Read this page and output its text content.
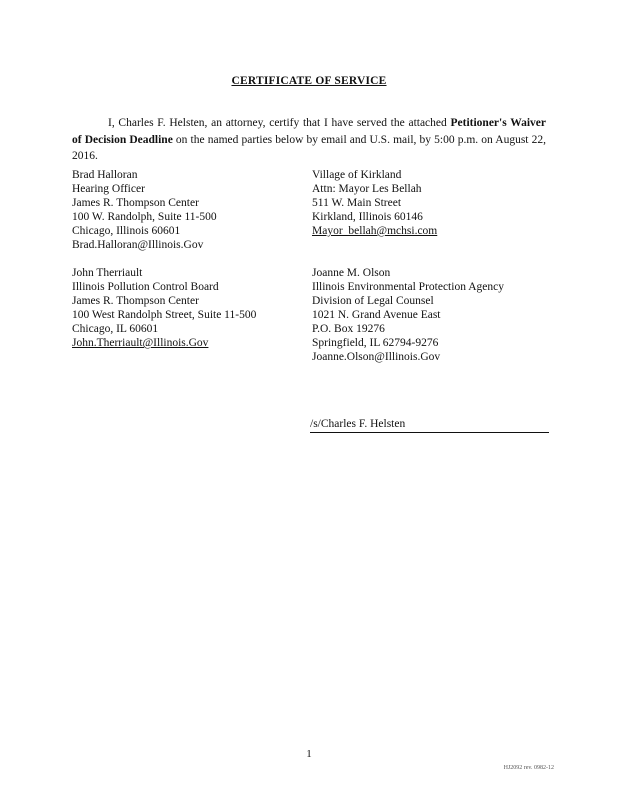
CERTIFICATE OF SERVICE
I, Charles F. Helsten, an attorney, certify that I have served the attached Petitioner's Waiver of Decision Deadline on the named parties below by email and U.S. mail, by 5:00 p.m. on August 22, 2016.
Brad Halloran
Hearing Officer
James R. Thompson Center
100 W. Randolph, Suite 11-500
Chicago, Illinois 60601
Brad.Halloran@Illinois.Gov
Village of Kirkland
Attn: Mayor Les Bellah
511 W. Main Street
Kirkland, Illinois 60146
Mayor_bellah@mchsi.com
John Therriault
Illinois Pollution Control Board
James R. Thompson Center
100 West Randolph Street, Suite 11-500
Chicago, IL 60601
John.Therriault@Illinois.Gov
Joanne M. Olson
Illinois Environmental Protection Agency
Division of Legal Counsel
1021 N. Grand Avenue East
P.O. Box 19276
Springfield, IL 62794-9276
Joanne.Olson@Illinois.Gov
/s/Charles F. Helsten
1
HJ2092 rev. 0982-12
